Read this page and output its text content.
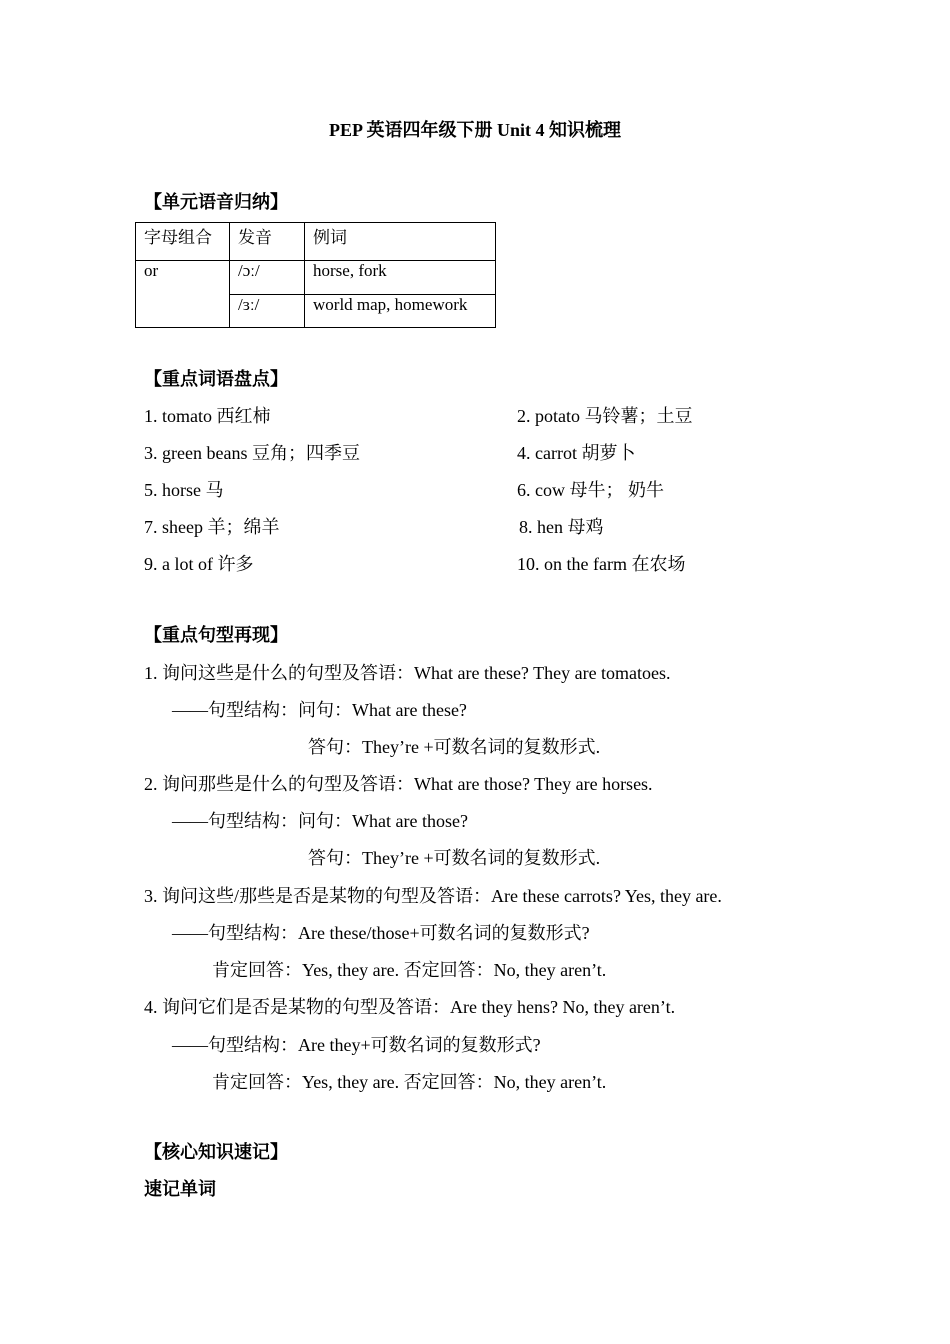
PEP 英语四年级下册 Unit 4 知识梳理
【单元语音归纳】
字母组合	发音	例词
or	/ɔː/	horse, fork
	/ɜː/	world map, homework
【重点词语盘点】
1. tomato 西红柿	2. potato 马铃薯；土豆
3. green beans 豆角；四季豆	4. carrot 胡萝卜
5. horse 马	6. cow 母牛； 奶牛
7. sheep 羊；绵羊	8. hen 母鸡
9. a lot of 许多	10. on the farm 在农场
【重点句型再现】
1. 询问这些是什么的句型及答语：What are these? They are tomatoes.
——句型结构：问句：What are these?
答句：They’re +可数名词的复数形式.
2. 询问那些是什么的句型及答语：What are those? They are horses.
——句型结构：问句：What are those?
答句：They’re +可数名词的复数形式.
3. 询问这些/那些是否是某物的句型及答语：Are these carrots? Yes, they are.
——句型结构：Are these/those+可数名词的复数形式?
肯定回答：Yes, they are. 否定回答：No, they aren’t.
4. 询问它们是否是某物的句型及答语：Are they hens? No, they aren’t.
——句型结构：Are they+可数名词的复数形式?
肯定回答：Yes, they are. 否定回答：No, they aren’t.
【核心知识速记】
速记单词
